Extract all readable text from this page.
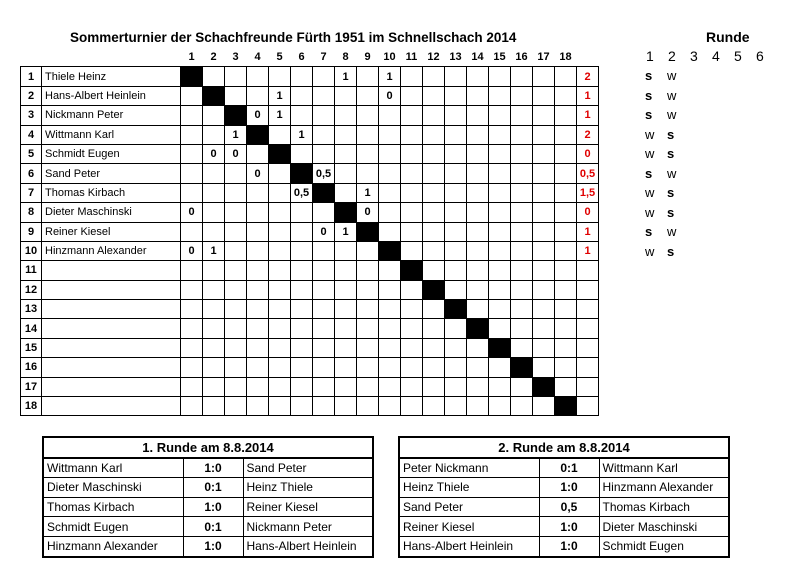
Sommerturnier der Schachfreunde Fürth 1951 im Schnellschach 2014	Runde
		1	2	3	4	5	6	7	8	9	10	11	12	13	14	15	16	17	18	
1	Thiele Heinz								1		1									2
2	Hans-Albert Heinlein					1					0									1
3	Nickmann Peter				0	1														1
4	Wittmann Karl			1			1													2
5	Schmidt Eugen		0	0																0
6	Sand Peter				0			0,5												0,5
7	Thomas Kirbach						0,5			1										1,5
8	Dieter Maschinski	0								0										0
9	Reiner Kiesel							0	1											1
10	Hinzmann Alexander	0	1																	1
11																				
12																				
13																				
14																				
15																				
16																				
17																				
18																				
1 2 3 4 5 6
s w
s w
s w
w s
w s
s w
w s
w s
s w
w s
1. Runde am 8.8.2014		
Wittmann Karl	1:0	Sand Peter
Dieter Maschinski	0:1	Heinz Thiele
Thomas Kirbach	1:0	Reiner Kiesel
Schmidt Eugen	0:1	Nickmann Peter
Hinzmann Alexander	1:0	Hans-Albert Heinlein
2. Runde am 8.8.2014		
Peter Nickmann	0:1	Wittmann Karl
Heinz Thiele	1:0	Hinzmann Alexander
Sand Peter	0,5	Thomas Kirbach
Reiner Kiesel	1:0	Dieter Maschinski
Hans-Albert Heinlein	1:0	Schmidt Eugen
